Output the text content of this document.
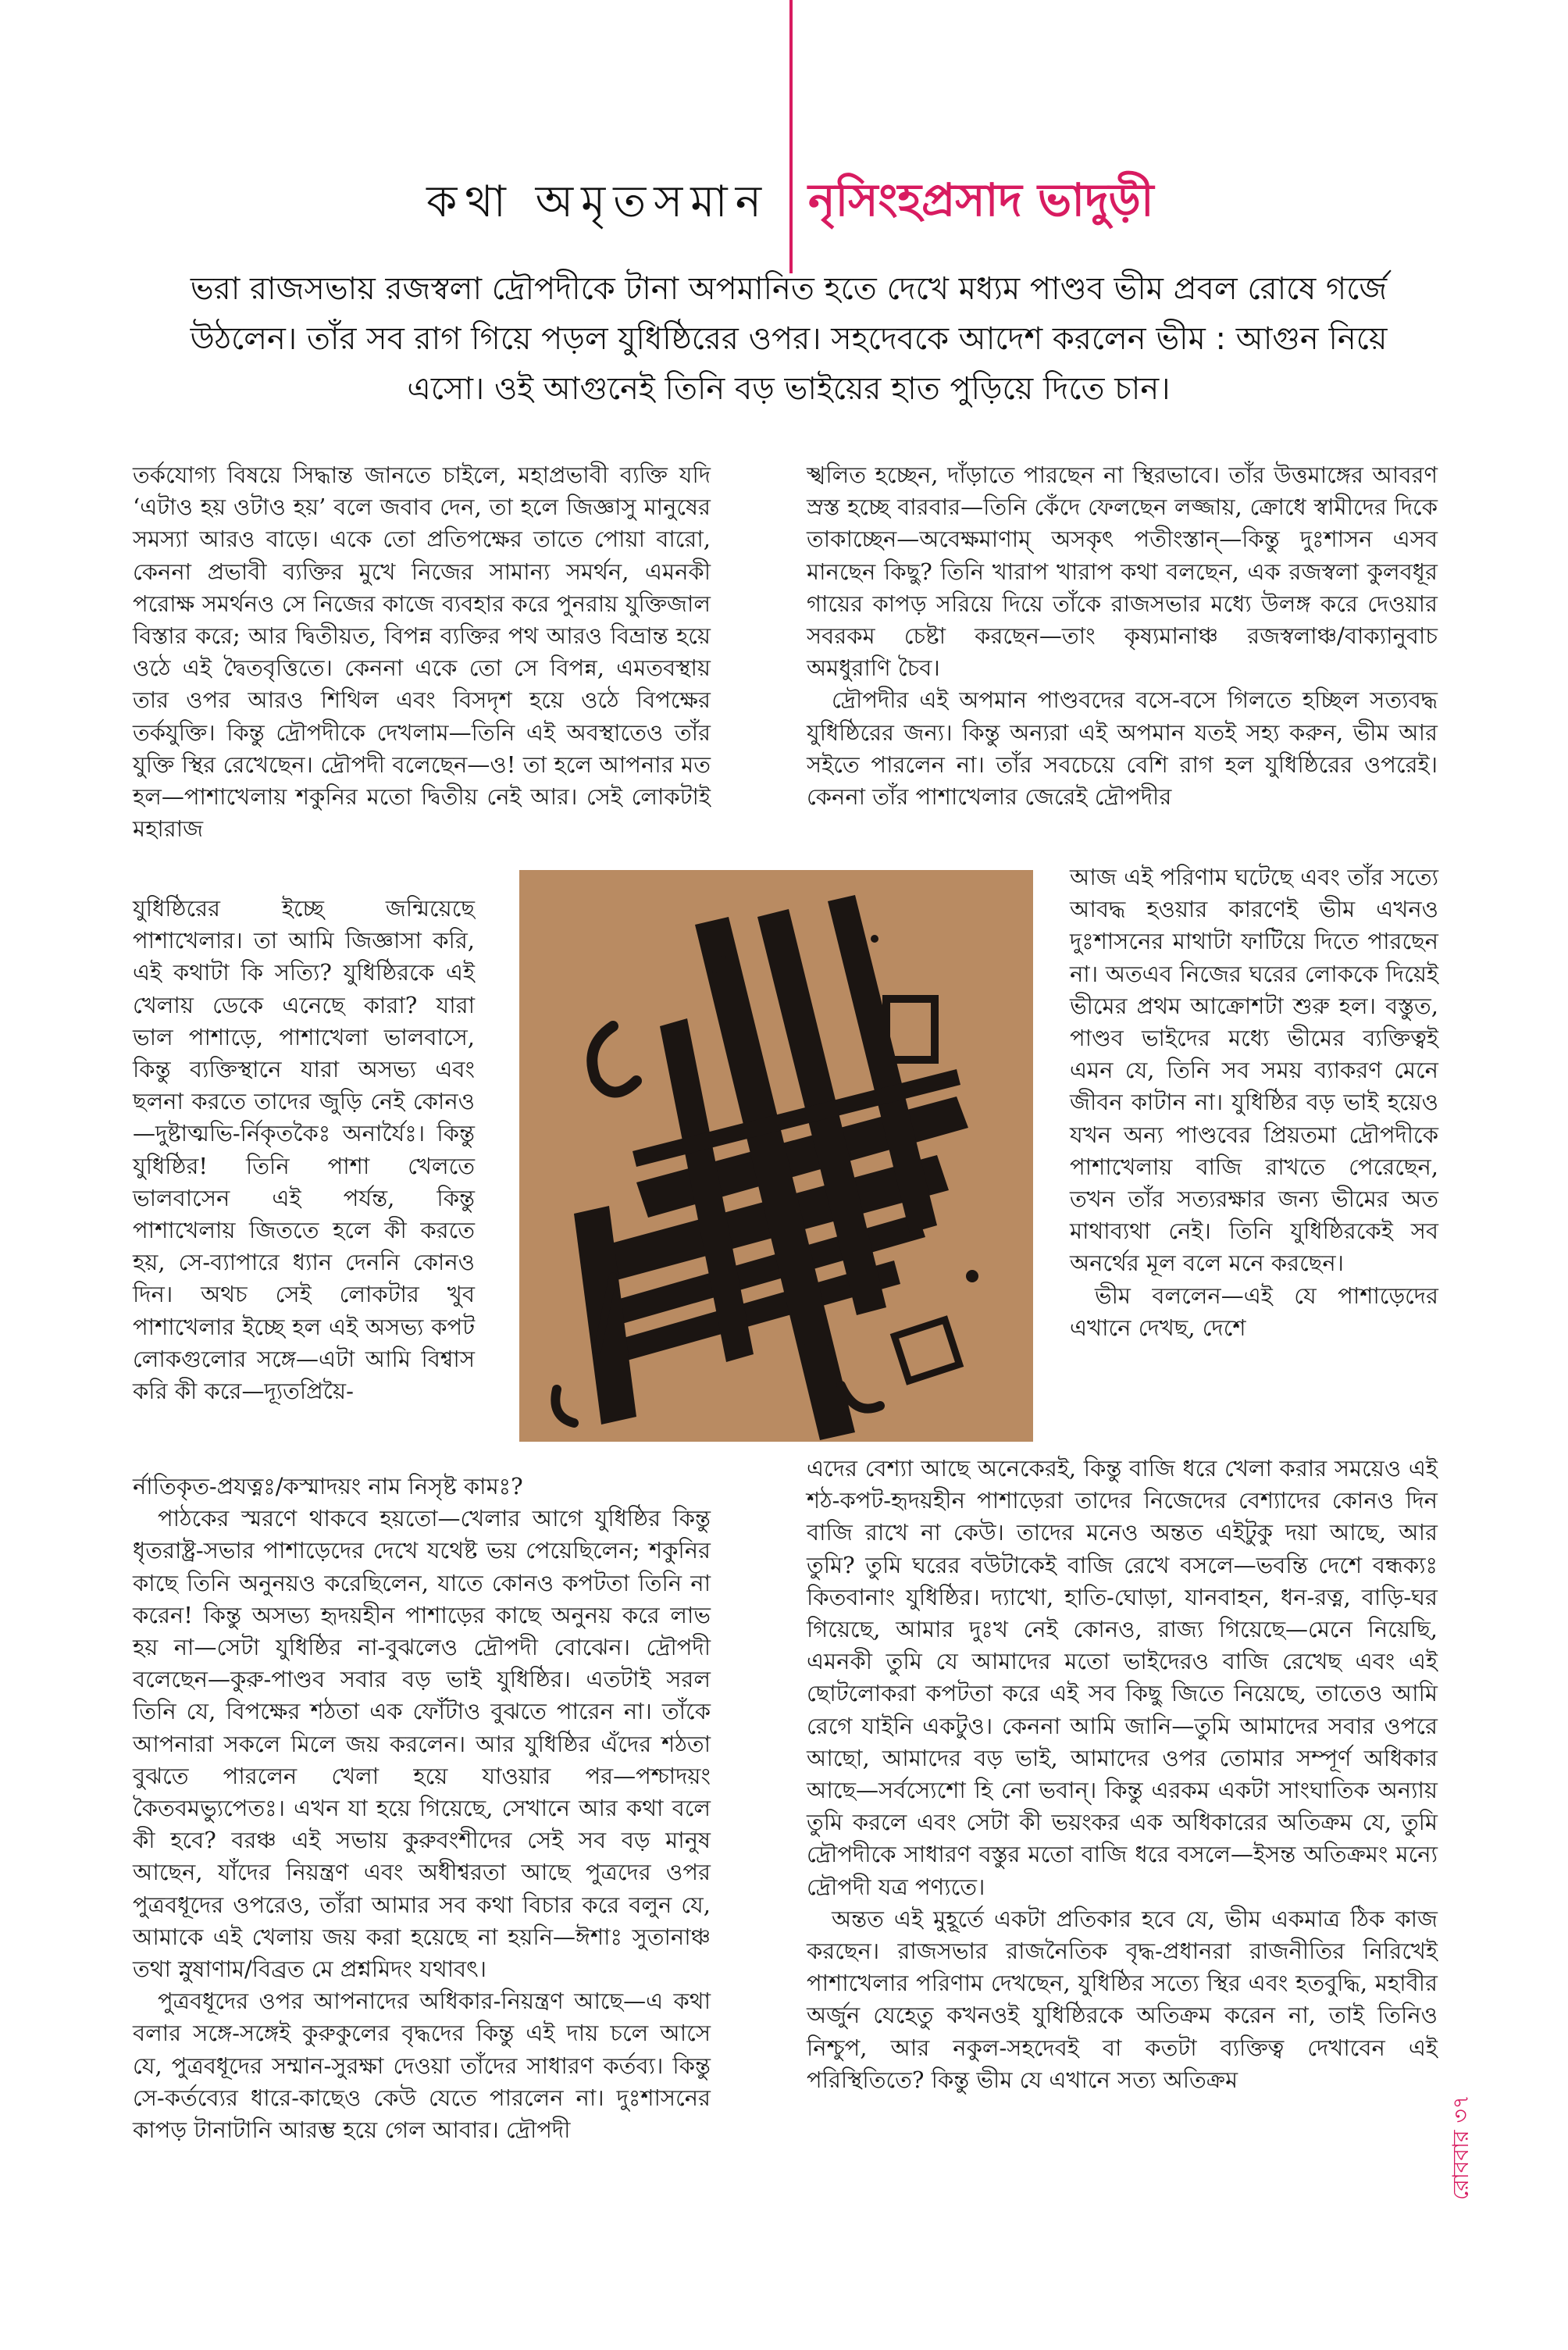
কথা অমৃতসমান নৃসিংহপ্রসাদ ভাদুড়ী
ভরা রাজসভায় রজস্বলা দ্রৌপদীকে টানা অপমানিত হতে দেখে মধ্যম পাণ্ডব ভীম প্রবল রোষে গর্জে উঠলেন। তাঁর সব রাগ গিয়ে পড়ল যুধিষ্ঠিরের ওপর। সহদেবকে আদেশ করলেন ভীম : আগুন নিয়ে এসো। ওই আগুনেই তিনি বড় ভাইয়ের হাত পুড়িয়ে দিতে চান।

তর্কযোগ্য বিষয়ে সিদ্ধান্ত জানতে চাইলে, মহাপ্রভাবী ব্যক্তি যদি ‘এটাও হয় ওটাও হয়’ বলে জবাব দেন, তা হলে জিজ্ঞাসু মানুষের সমস্যা আরও বাড়ে। একে তো প্রতিপক্ষের তাতে পোয়া বারো, কেননা প্রভাবী ব্যক্তির মুখে নিজের সামান্য সমর্থন, এমনকী পরোক্ষ সমর্থনও সে নিজের কাজে ব্যবহার করে পুনরায় যুক্তিজাল বিস্তার করে; আর দ্বিতীয়ত, বিপন্ন ব্যক্তির পথ আরও বিভ্রান্ত হয়ে ওঠে এই দ্বৈতবৃত্তিতে। কেননা একে তো সে বিপন্ন, এমতবস্থায় তার ওপর আরও শিথিল এবং বিসদৃশ হয়ে ওঠে বিপক্ষের তর্কযুক্তি। কিন্তু দ্রৌপদীকে দেখলাম—তিনি এই অবস্থাতেও তাঁর যুক্তি স্থির রেখেছেন। দ্রৌপদী বলেছেন—ও! তা হলে আপনার মত হল—পাশাখেলায় শকুনির মতো দ্বিতীয় নেই আর। সেই লোকটাই মহারাজ

যুধিষ্ঠিরের ইচ্ছে জন্মিয়েছে পাশাখেলার। তা আমি জিজ্ঞাসা করি, এই কথাটা কি সত্যি? যুধিষ্ঠিরকে এই খেলায় ডেকে এনেছে কারা? যারা ভাল পাশাড়ে, পাশাখেলা ভালবাসে, কিন্তু ব্যক্তিস্থানে যারা অসভ্য এবং ছলনা করতে তাদের জুড়ি নেই কোনও—দুষ্টাত্মভি-র্নিকৃতকৈঃ অনার্যৈঃ। কিন্তু যুধিষ্ঠির! তিনি পাশা খেলতে ভালবাসেন এই পর্যন্ত, কিন্তু পাশাখেলায় জিততে হলে কী করতে হয়, সে-ব্যাপারে ধ্যান দেননি কোনও দিন। অথচ সেই লোকটার খুব পাশাখেলার ইচ্ছে হল এই অসভ্য কপট লোকগুলোর সঙ্গে—এটা আমি বিশ্বাস করি কী করে—দ্যূতপ্রিয়ৈ-

র্নাতিকৃত-প্রযত্নঃ/কস্মাদয়ং নাম নিসৃষ্ট কামঃ?

পাঠকের স্মরণে থাকবে হয়তো—খেলার আগে যুধিষ্ঠির কিন্তু ধৃতরাষ্ট্র-সভার পাশাড়েদের দেখে যথেষ্ট ভয় পেয়েছিলেন; শকুনির কাছে তিনি অনুনয়ও করেছিলেন, যাতে কোনও কপটতা তিনি না করেন! কিন্তু অসভ্য হৃদয়হীন পাশাড়ের কাছে অনুনয় করে লাভ হয় না—সেটা যুধিষ্ঠির না-বুঝলেও দ্রৌপদী বোঝেন। দ্রৌপদী বলেছেন—কুরু-পাণ্ডব সবার বড় ভাই যুধিষ্ঠির। এতটাই সরল তিনি যে, বিপক্ষের শঠতা এক ফোঁটাও বুঝতে পারেন না। তাঁকে আপনারা সকলে মিলে জয় করলেন। আর যুধিষ্ঠির এঁদের শঠতা বুঝতে পারলেন খেলা হয়ে যাওয়ার পর—পশ্চাদয়ং কৈতবমভ্যুপেতঃ। এখন যা হয়ে গিয়েছে, সেখানে আর কথা বলে কী হবে? বরঞ্চ এই সভায় কুরুবংশীদের সেই সব বড় মানুষ আছেন, যাঁদের নিয়ন্ত্রণ এবং অধীশ্বরতা আছে পুত্রদের ওপর পুত্রবধূদের ওপরেও, তাঁরা আমার সব কথা বিচার করে বলুন যে, আমাকে এই খেলায় জয় করা হয়েছে না হয়নি—ঈশাঃ সুতানাঞ্চ তথা স্নুষাণাম/বিব্রত মে প্রশ্নমিদং যথাবৎ।

পুত্রবধূদের ওপর আপনাদের অধিকার-নিয়ন্ত্রণ আছে—এ কথা বলার সঙ্গে-সঙ্গেই কুরুকুলের বৃদ্ধদের কিন্তু এই দায় চলে আসে যে, পুত্রবধূদের সম্মান-সুরক্ষা দেওয়া তাঁদের সাধারণ কর্তব্য। কিন্তু সে-কর্তব্যের ধারে-কাছেও কেউ যেতে পারলেন না। দুঃশাসনের কাপড় টানাটানি আরম্ভ হয়ে গেল আবার। দ্রৌপদী

স্খলিত হচ্ছেন, দাঁড়াতে পারছেন না স্থিরভাবে। তাঁর উত্তমাঙ্গের আবরণ স্রস্ত হচ্ছে বারবার—তিনি কেঁদে ফেলছেন লজ্জায়, ক্রোধে স্বামীদের দিকে তাকাচ্ছেন—অবেক্ষমাণাম্ অসকৃৎ পতীংস্তান্—কিন্তু দুঃশাসন এসব মানছেন কিছু? তিনি খারাপ খারাপ কথা বলছেন, এক রজস্বলা কুলবধূর গায়ের কাপড় সরিয়ে দিয়ে তাঁকে রাজসভার মধ্যে উলঙ্গ করে দেওয়ার সবরকম চেষ্টা করছেন—তাং কৃষ্যমানাঞ্চ রজস্বলাঞ্চ/বাক্যানুবাচ অমধুরাণি চৈব।

দ্রৌপদীর এই অপমান পাণ্ডবদের বসে-বসে গিলতে হচ্ছিল সত্যবদ্ধ যুধিষ্ঠিরের জন্য। কিন্তু অন্যরা এই অপমান যতই সহ্য করুন, ভীম আর সইতে পারলেন না। তাঁর সবচেয়ে বেশি রাগ হল যুধিষ্ঠিরের ওপরেই। কেননা তাঁর পাশাখেলার জেরেই দ্রৌপদীর

আজ এই পরিণাম ঘটেছে এবং তাঁর সত্যে আবদ্ধ হওয়ার কারণেই ভীম এখনও দুঃশাসনের মাথাটা ফাটিয়ে দিতে পারছেন না। অতএব নিজের ঘরের লোককে দিয়েই ভীমের প্রথম আক্রোশটা শুরু হল। বস্তুত, পাণ্ডব ভাইদের মধ্যে ভীমের ব্যক্তিত্বই এমন যে, তিনি সব সময় ব্যাকরণ মেনে জীবন কাটান না। যুধিষ্ঠির বড় ভাই হয়েও যখন অন্য পাণ্ডবের প্রিয়তমা দ্রৌপদীকে পাশাখেলায় বাজি রাখতে পেরেছেন, তখন তাঁর সত্যরক্ষার জন্য ভীমের অত মাথাব্যথা নেই। তিনি যুধিষ্ঠিরকেই সব অনর্থের মূল বলে মনে করছেন।

ভীম বললেন—এই যে পাশাড়েদের এখানে দেখছ, দেশে

এদের বেশ্যা আছে অনেকেরই, কিন্তু বাজি ধরে খেলা করার সময়েও এই শঠ-কপট-হৃদয়হীন পাশাড়েরা তাদের নিজেদের বেশ্যাদের কোনও দিন বাজি রাখে না কেউ। তাদের মনেও অন্তত এইটুকু দয়া আছে, আর তুমি? তুমি ঘরের বউটাকেই বাজি রেখে বসলে—ভবন্তি দেশে বন্ধক্যঃ কিতবানাং যুধিষ্ঠির। দ্যাখো, হাতি-ঘোড়া, যানবাহন, ধন-রত্ন, বাড়ি-ঘর গিয়েছে, আমার দুঃখ নেই কোনও, রাজ্য গিয়েছে—মেনে নিয়েছি, এমনকী তুমি যে আমাদের মতো ভাইদেরও বাজি রেখেছ এবং এই ছোটলোকরা কপটতা করে এই সব কিছু জিতে নিয়েছে, তাতেও আমি রেগে যাইনি একটুও। কেননা আমি জানি—তুমি আমাদের সবার ওপরে আছো, আমাদের বড় ভাই, আমাদের ওপর তোমার সম্পূর্ণ অধিকার আছে—সর্বস্যেশো হি নো ভবান্। কিন্তু এরকম একটা সাংঘাতিক অন্যায় তুমি করলে এবং সেটা কী ভয়ংকর এক অধিকারের অতিক্রম যে, তুমি দ্রৌপদীকে সাধারণ বস্তুর মতো বাজি ধরে বসলে—ইসন্ত অতিক্রমং মন্যে দ্রৌপদী যত্র পণ্যতে।

অন্তত এই মুহূর্তে একটা প্রতিকার হবে যে, ভীম একমাত্র ঠিক কাজ করছেন। রাজসভার রাজনৈতিক বৃদ্ধ-প্রধানরা রাজনীতির নিরিখেই পাশাখেলার পরিণাম দেখছেন, যুধিষ্ঠির সত্যে স্থির এবং হতবুদ্ধি, মহাবীর অর্জুন যেহেতু কখনওই যুধিষ্ঠিরকে অতিক্রম করেন না, তাই তিনিও নিশ্চুপ, আর নকুল-সহদেবই বা কতটা ব্যক্তিত্ব দেখাবেন এই পরিস্থিতিতে? কিন্তু ভীম যে এখানে সত্য অতিক্রম

রোববার ৩৭
